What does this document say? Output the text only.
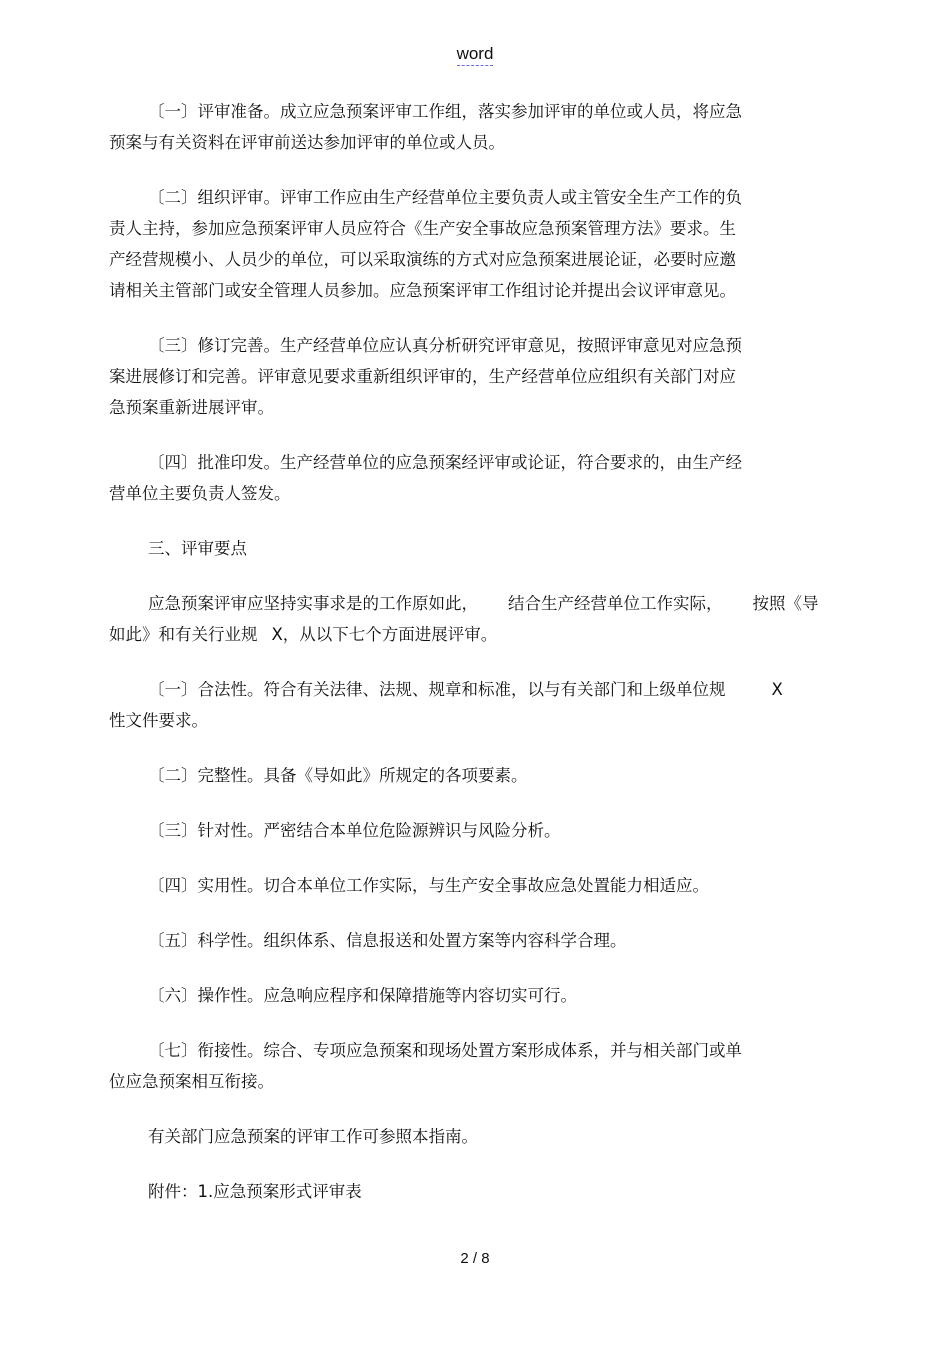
word

〔一〕评审准备。成立应急预案评审工作组，落实参加评审的单位或人员，将应急
预案与有关资料在评审前送达参加评审的单位或人员。

〔二〕组织评审。评审工作应由生产经营单位主要负责人或主管安全生产工作的负
责人主持，参加应急预案评审人员应符合《生产安全事故应急预案管理方法》要求。生
产经营规模小、人员少的单位，可以采取演练的方式对应急预案进展论证，必要时应邀
请相关主管部门或安全管理人员参加。应急预案评审工作组讨论并提出会议评审意见。

〔三〕修订完善。生产经营单位应认真分析研究评审意见，按照评审意见对应急预
案进展修订和完善。评审意见要求重新组织评审的，生产经营单位应组织有关部门对应
急预案重新进展评审。

〔四〕批准印发。生产经营单位的应急预案经评审或论证，符合要求的，由生产经
营单位主要负责人签发。

三、评审要点

应急预案评审应坚持实事求是的工作原如此， 结合生产经营单位工作实际， 按照《导
如此》和有关行业规 X，从以下七个方面进展评审。

〔一〕合法性。符合有关法律、法规、规章和标准，以与有关部门和上级单位规	X
性文件要求。

〔二〕完整性。具备《导如此》所规定的各项要素。

〔三〕针对性。严密结合本单位危险源辨识与风险分析。

〔四〕实用性。切合本单位工作实际，与生产安全事故应急处置能力相适应。

〔五〕科学性。组织体系、信息报送和处置方案等内容科学合理。

〔六〕操作性。应急响应程序和保障措施等内容切实可行。

〔七〕衔接性。综合、专项应急预案和现场处置方案形成体系，并与相关部门或单
位应急预案相互衔接。

有关部门应急预案的评审工作可参照本指南。

附件：1.应急预案形式评审表

2 / 8
